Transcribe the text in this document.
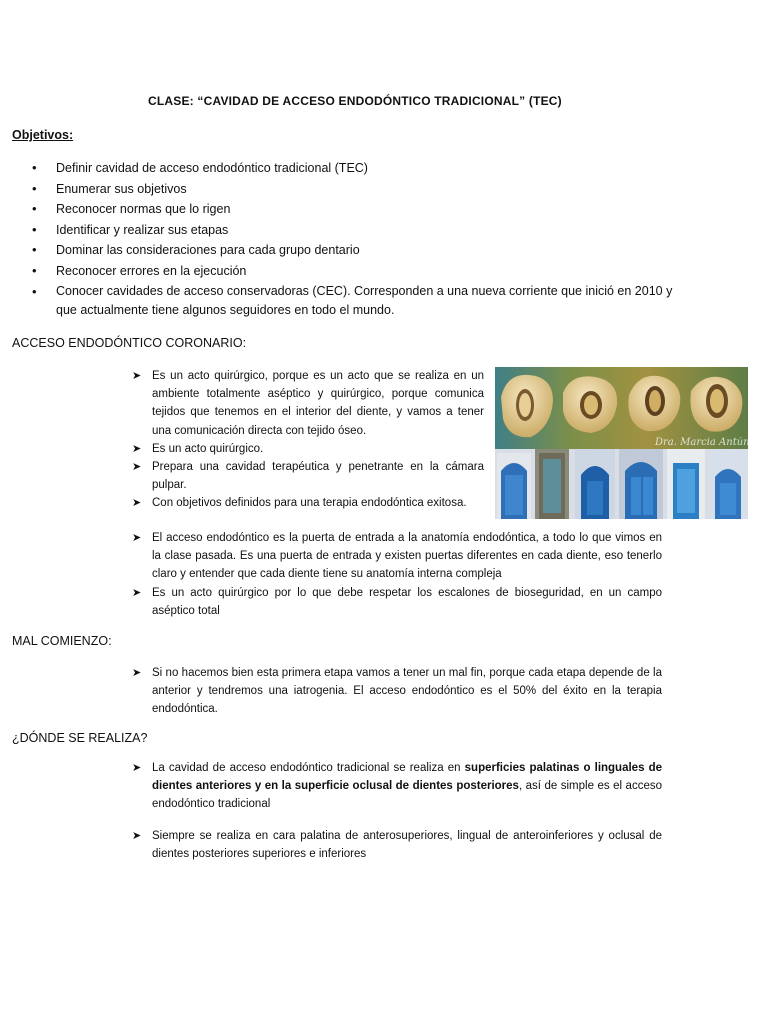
CLASE: “CAVIDAD DE ACCESO ENDODÓNTICO TRADICIONAL” (TEC)
Objetivos:
• Definir cavidad de acceso endodóntico tradicional (TEC)
• Enumerar sus objetivos
• Reconocer normas que lo rigen
• Identificar y realizar sus etapas
• Dominar las consideraciones para cada grupo dentario
• Reconocer errores en la ejecución
• Conocer cavidades de acceso conservadoras (CEC). Corresponden a una nueva corriente que inició en 2010 y que actualmente tiene algunos seguidores en todo el mundo.
ACCESO ENDODÓNTICO CORONARIO:
➤ Es un acto quirúrgico, porque es un acto que se realiza en un ambiente totalmente aséptico y quirúrgico, porque comunica tejidos que tenemos en el interior del diente, y vamos a tener una comunicación directa con tejido óseo.
➤ Es un acto quirúrgico.
➤ Prepara una cavidad terapéutica y penetrante en la cámara pulpar.
➤ Con objetivos definidos para una terapia endodóntica exitosa.
➤ El acceso endodóntico es la puerta de entrada a la anatomía endodóntica, a todo lo que vimos en la clase pasada. Es una puerta de entrada y existen puertas diferentes en cada diente, eso tenerlo claro y entender que cada diente tiene su anatomía interna compleja
➤ Es un acto quirúrgico por lo que debe respetar los escalones de bioseguridad, en un campo aséptico total
Dra. Marcia Antúnez
MAL COMIENZO:
➤ Si no hacemos bien esta primera etapa vamos a tener un mal fin, porque cada etapa depende de la anterior y tendremos una iatrogenia. El acceso endodóntico es el 50% del éxito en la terapia endodóntica.
¿DÓNDE SE REALIZA?
➤ La cavidad de acceso endodóntico tradicional se realiza en superficies palatinas o linguales de dientes anteriores y en la superficie oclusal de dientes posteriores, así de simple es el acceso endodóntico tradicional
➤ Siempre se realiza en cara palatina de anterosuperiores, lingual de anteroinferiores y oclusal de dientes posteriores superiores e inferiores
